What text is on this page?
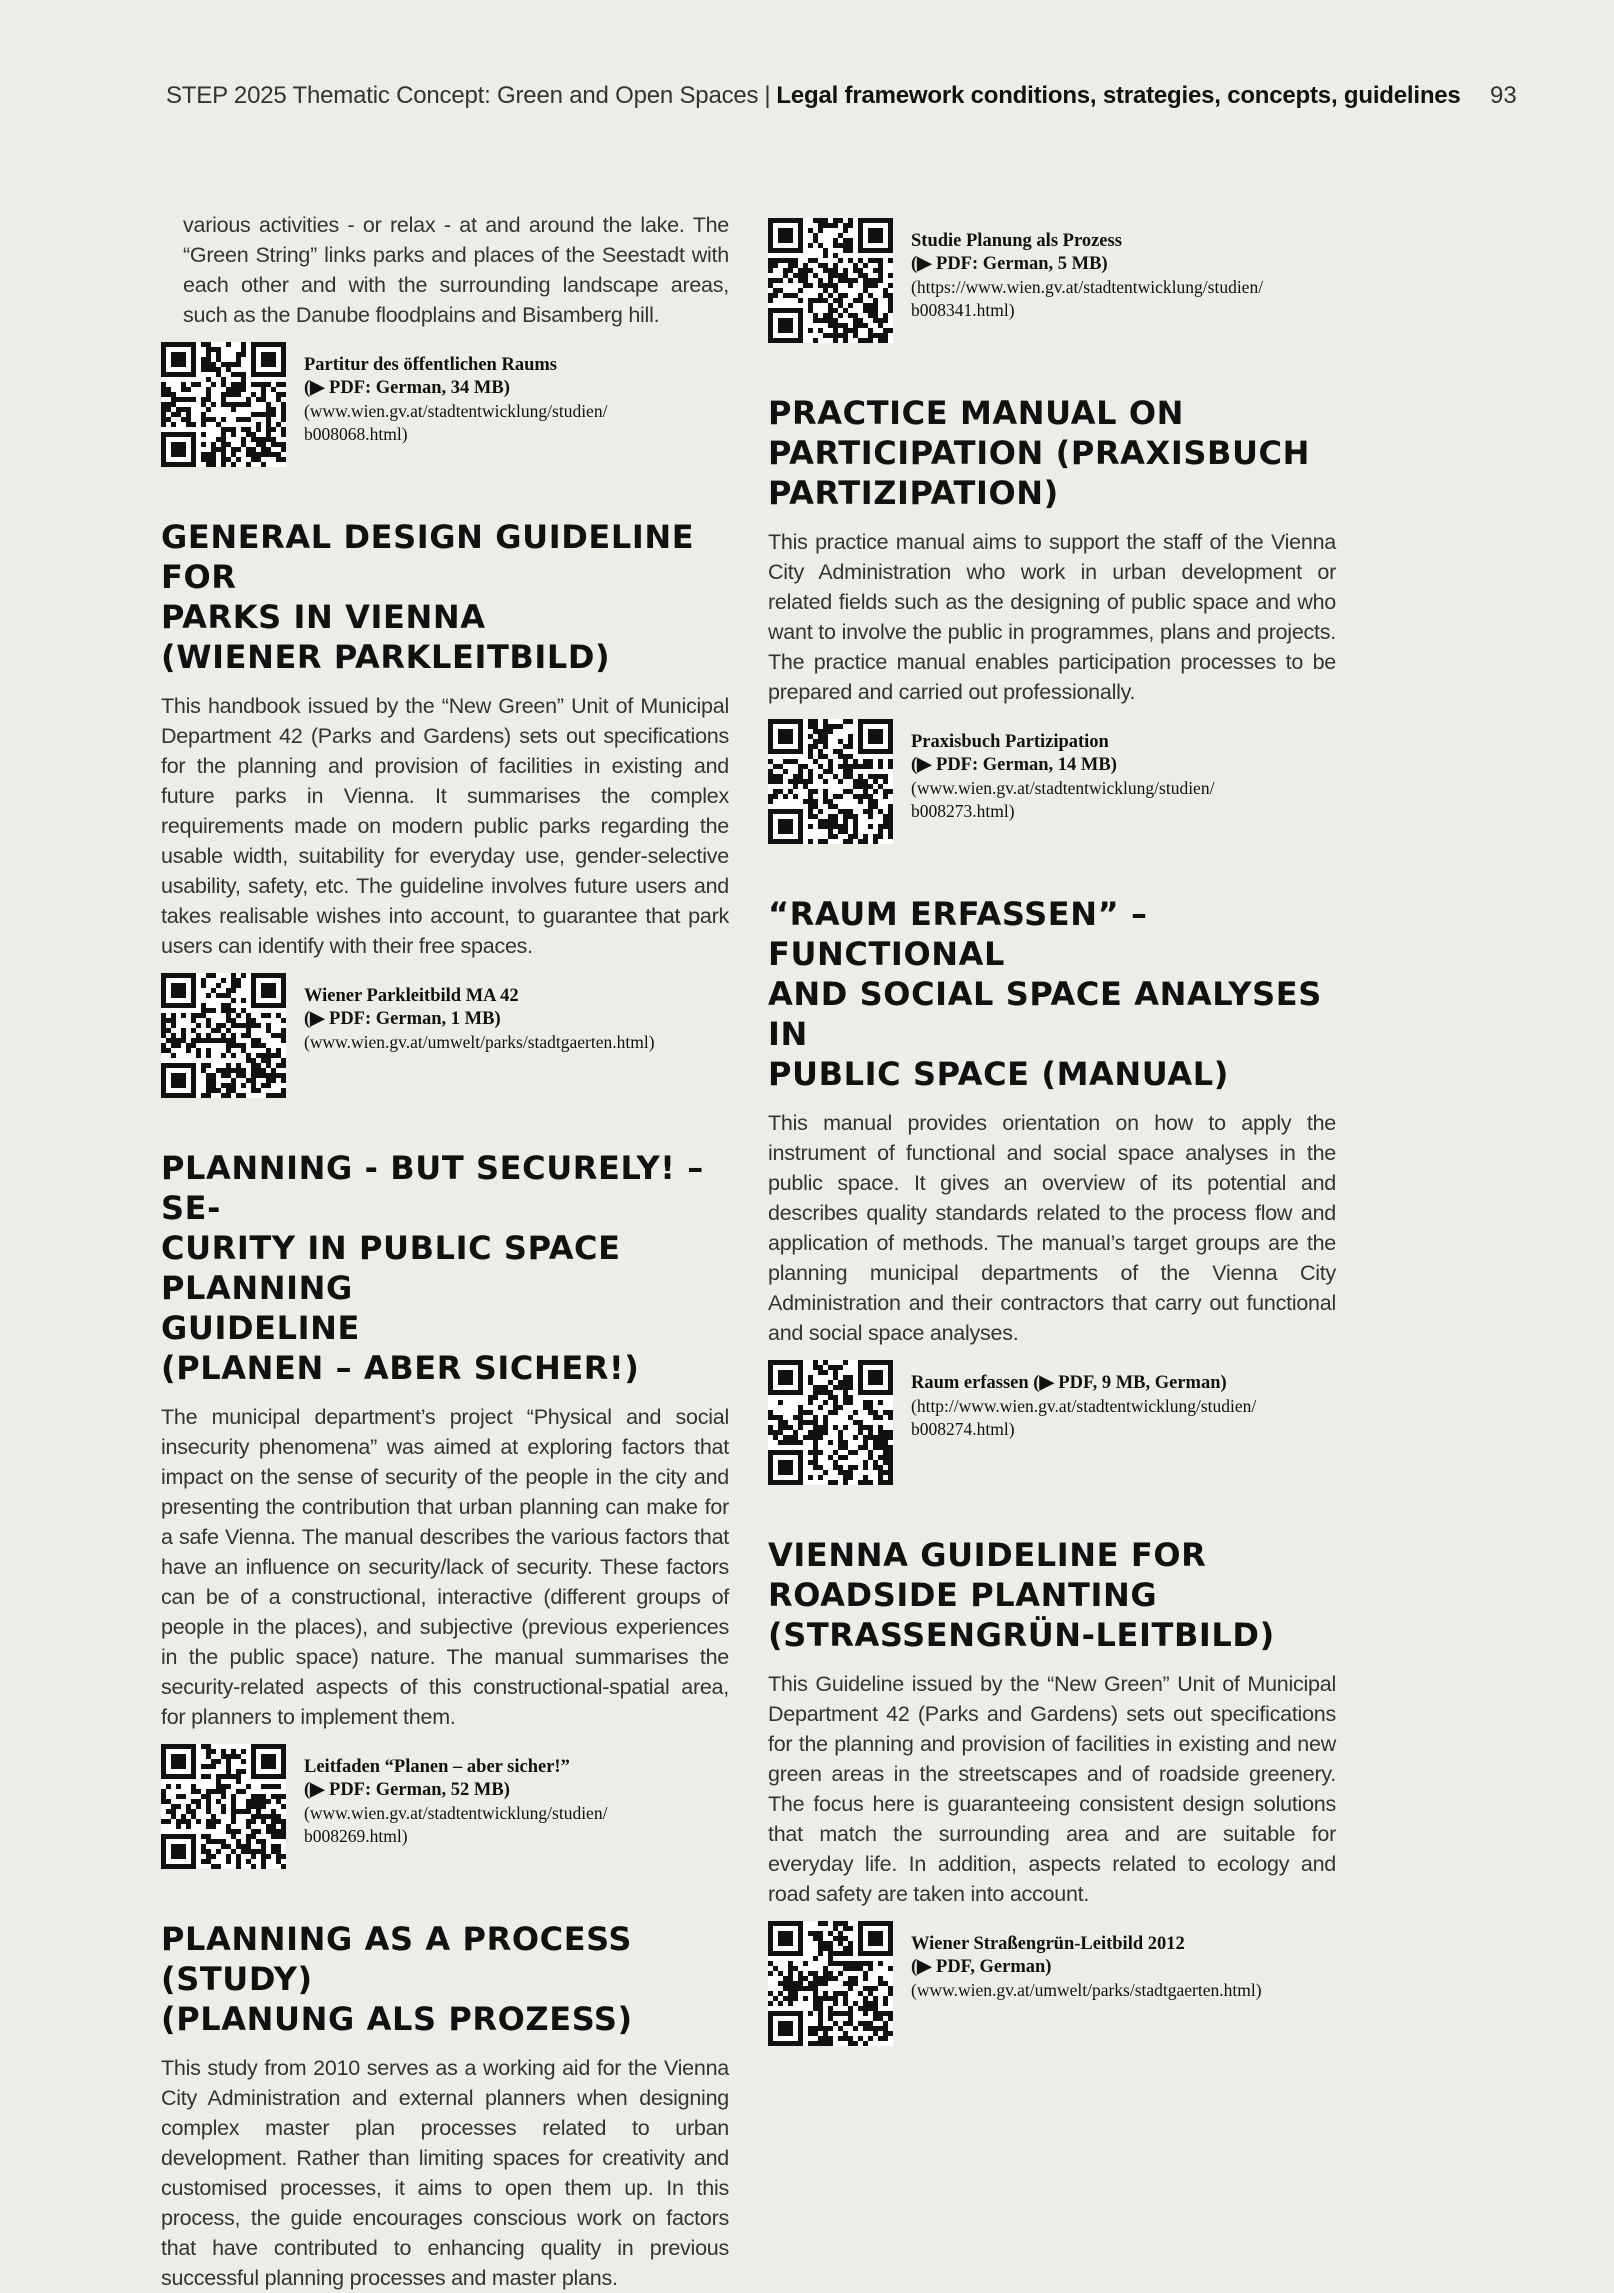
STEP 2025 Thematic Concept: Green and Open Spaces | Legal framework conditions, strategies, concepts, guidelines 93

various activities - or relax - at and around the lake. The “Green String” links parks and places of the Seestadt with each other and with the surrounding landscape areas, such as the Danube floodplains and Bisamberg hill.

Partitur des öffentlichen Raums
(▶ PDF: German, 34 MB)
(www.wien.gv.at/stadtentwicklung/studien/
b008068.html)
GENERAL DESIGN GUIDELINE FOR
PARKS IN VIENNA
(WIENER PARKLEITBILD)

This handbook issued by the “New Green” Unit of Municipal Department 42 (Parks and Gardens) sets out specifications for the planning and provision of facilities in existing and future parks in Vienna. It summarises the complex requirements made on modern public parks regarding the usable width, suitability for everyday use, gender-selective usability, safety, etc. The guideline involves future users and takes realisable wishes into account, to guarantee that park users can identify with their free spaces.

Wiener Parkleitbild MA 42
(▶ PDF: German, 1 MB)
(www.wien.gv.at/umwelt/parks/stadtgaerten.html)
PLANNING - BUT SECURELY! – SE-
CURITY IN PUBLIC SPACE PLANNING
GUIDELINE
(PLANEN – ABER SICHER!)

The municipal department’s project “Physical and social insecurity phenomena” was aimed at exploring factors that impact on the sense of security of the people in the city and presenting the contribution that urban planning can make for a safe Vienna. The manual describes the various factors that have an influence on security/lack of security. These factors can be of a constructional, interactive (different groups of people in the places), and subjective (previous experiences in the public space) nature. The manual summarises the security-related aspects of this constructional-spatial area, for planners to implement them.

Leitfaden “Planen – aber sicher!”
(▶ PDF: German, 52 MB)
(www.wien.gv.at/stadtentwicklung/studien/
b008269.html)
PLANNING AS A PROCESS (STUDY)
(PLANUNG ALS PROZESS)

This study from 2010 serves as a working aid for the Vienna City Administration and external planners when designing complex master plan processes related to urban development. Rather than limiting spaces for creativity and customised processes, it aims to open them up. In this process, the guide encourages conscious work on factors that have contributed to enhancing quality in previous successful planning processes and master plans.

Studie Planung als Prozess
(▶ PDF: German, 5 MB)
(https://www.wien.gv.at/stadtentwicklung/studien/
b008341.html)
PRACTICE MANUAL ON
PARTICIPATION (PRAXISBUCH
PARTIZIPATION)

This practice manual aims to support the staff of the Vienna City Administration who work in urban development or related fields such as the designing of public space and who want to involve the public in programmes, plans and projects. The practice manual enables participation processes to be prepared and carried out professionally.

Praxisbuch Partizipation
(▶ PDF: German, 14 MB)
(www.wien.gv.at/stadtentwicklung/studien/
b008273.html)
“RAUM ERFASSEN” – FUNCTIONAL
AND SOCIAL SPACE ANALYSES IN
PUBLIC SPACE (MANUAL)

This manual provides orientation on how to apply the instrument of functional and social space analyses in the public space. It gives an overview of its potential and describes quality standards related to the process flow and application of methods. The manual’s target groups are the planning municipal departments of the Vienna City Administration and their contractors that carry out functional and social space analyses.

Raum erfassen (▶ PDF, 9 MB, German)
(http://www.wien.gv.at/stadtentwicklung/studien/
b008274.html)
VIENNA GUIDELINE FOR
ROADSIDE PLANTING
(STRASSENGRÜN-LEITBILD)

This Guideline issued by the “New Green” Unit of Municipal Department 42 (Parks and Gardens) sets out specifications for the planning and provision of facilities in existing and new green areas in the streetscapes and of roadside greenery. The focus here is guaranteeing consistent design solutions that match the surrounding area and are suitable for everyday life. In addition, aspects related to ecology and road safety are taken into account.

Wiener Straßengrün-Leitbild 2012
(▶ PDF, German)
(www.wien.gv.at/umwelt/parks/stadtgaerten.html)
